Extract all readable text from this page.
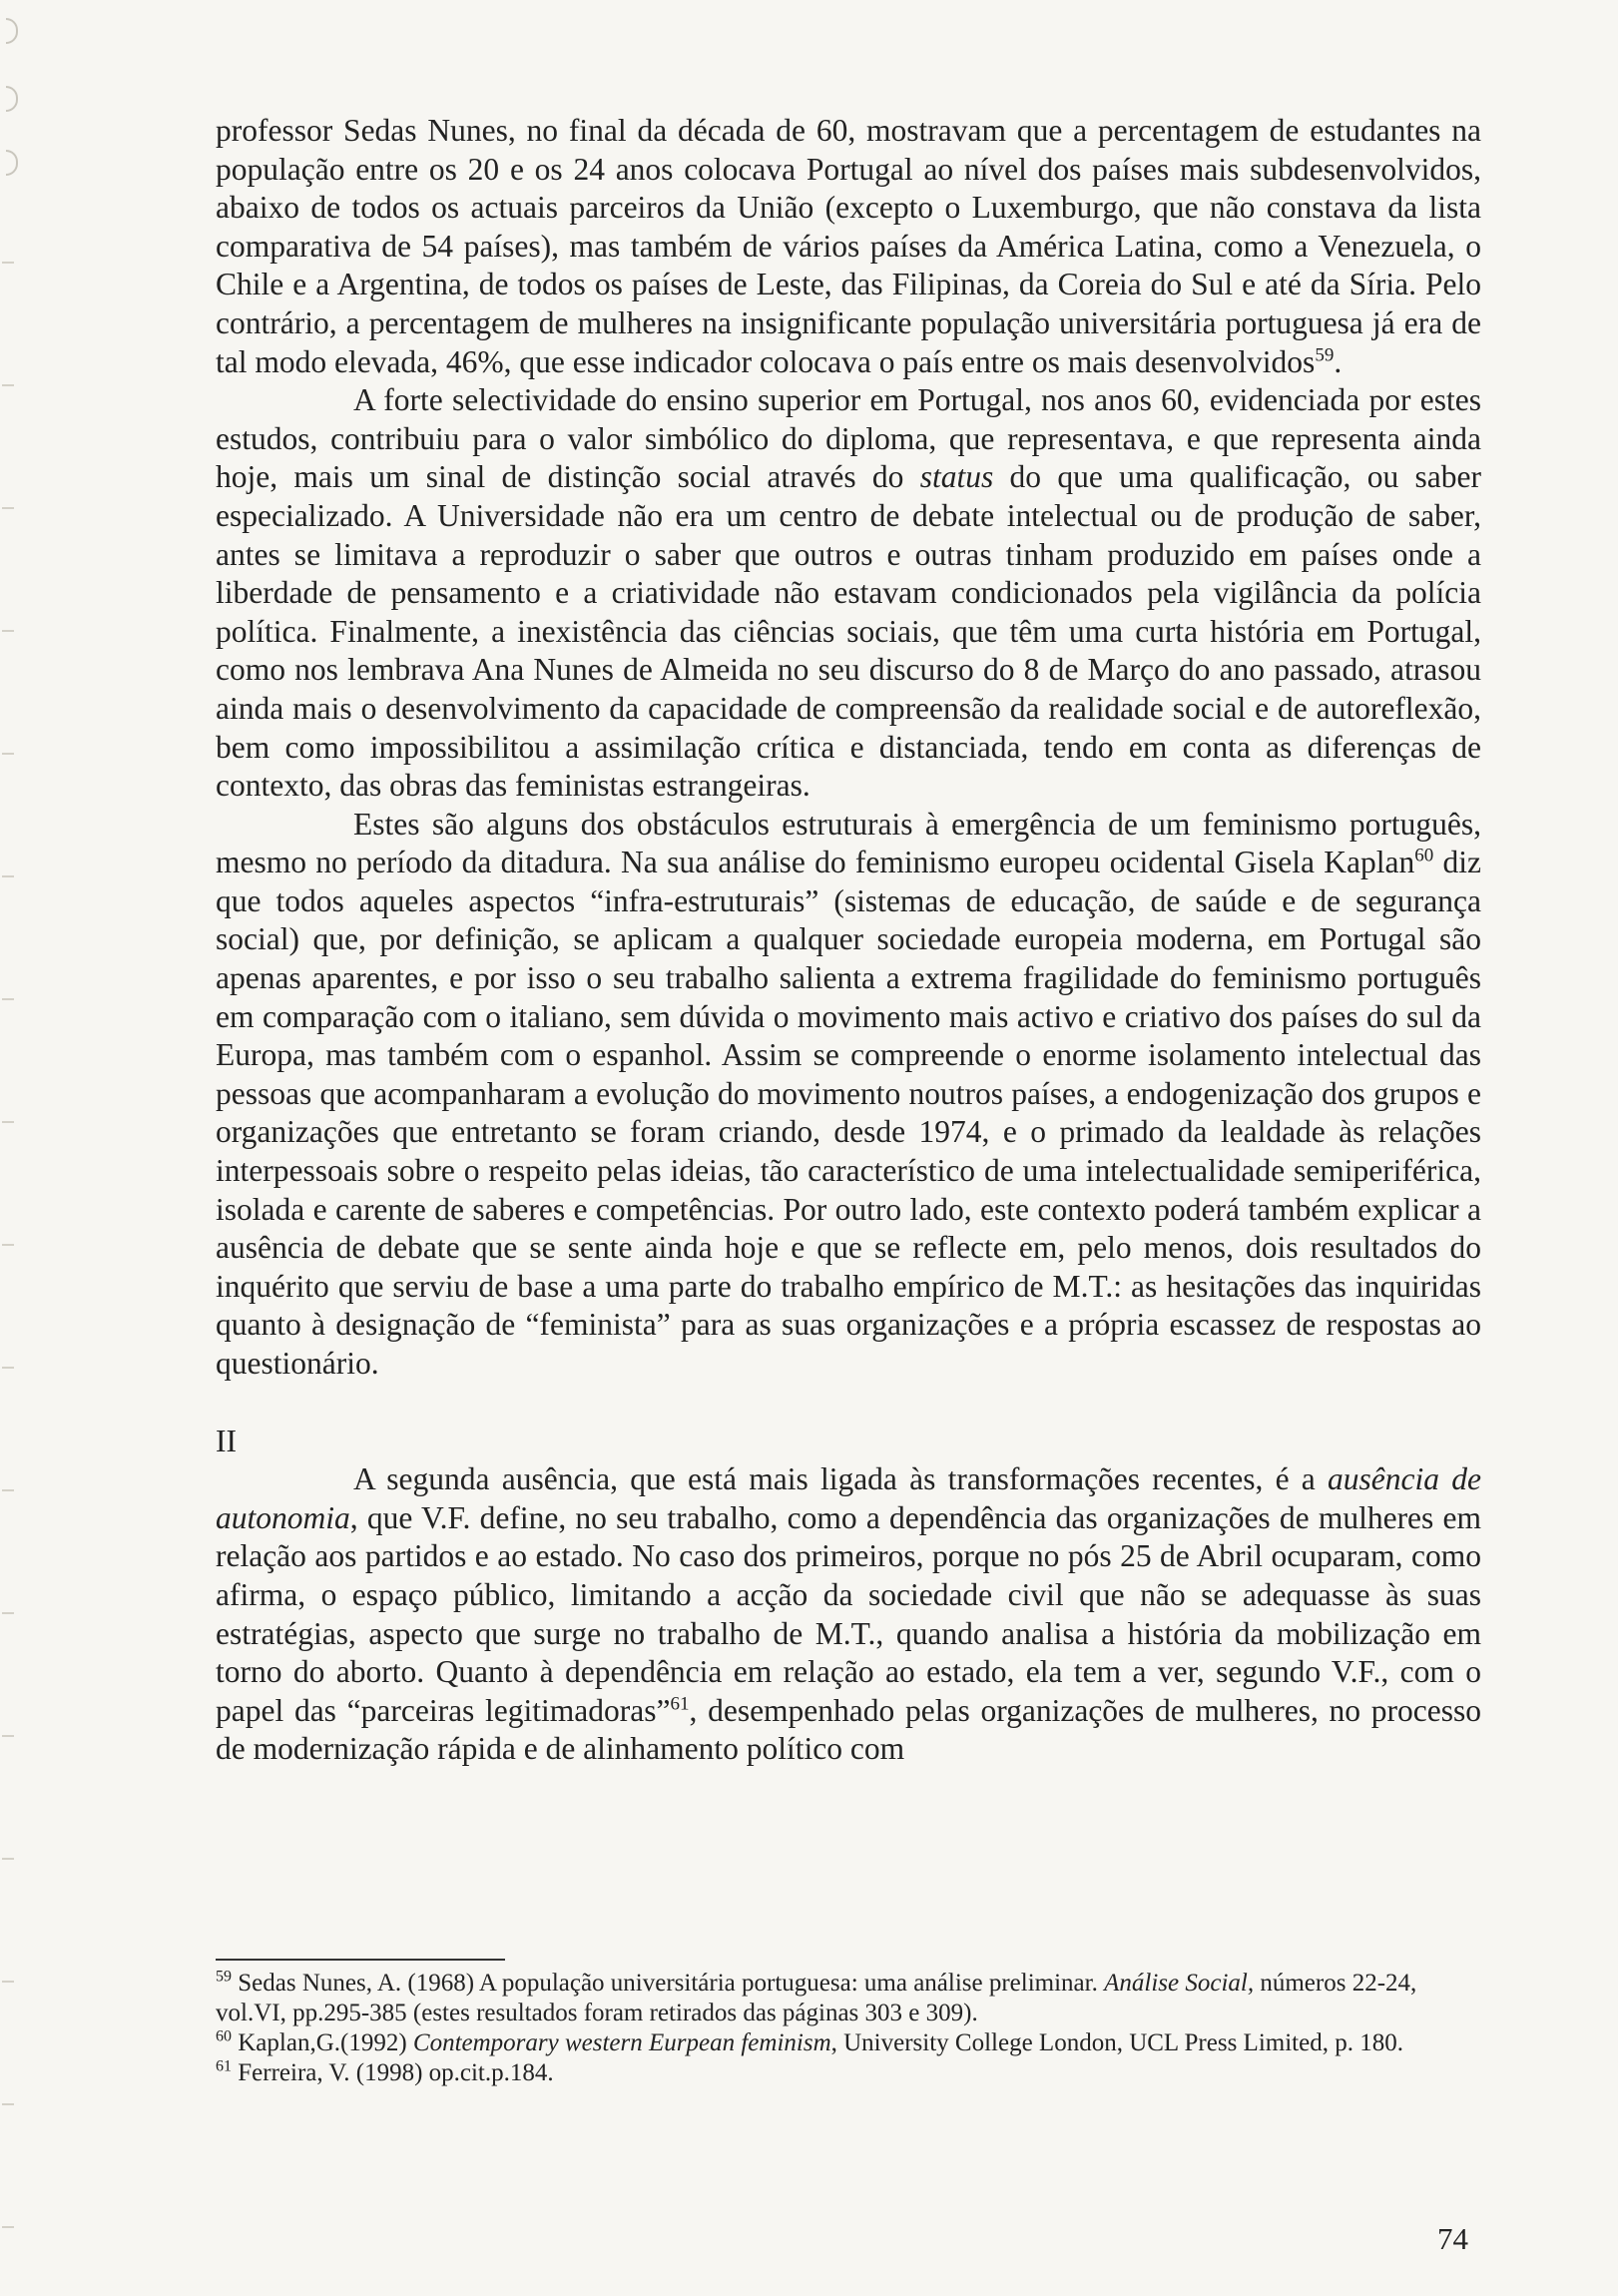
professor Sedas Nunes, no final da década de 60, mostravam que a percentagem de estudantes na população entre os 20 e os 24 anos colocava Portugal ao nível dos países mais subdesenvolvidos, abaixo de todos os actuais parceiros da União (excepto o Luxemburgo, que não constava da lista comparativa de 54 países), mas também de vários países da América Latina, como a Venezuela, o Chile e a Argentina, de todos os países de Leste, das Filipinas, da Coreia do Sul e até da Síria. Pelo contrário, a percentagem de mulheres na insignificante população universitária portuguesa já era de tal modo elevada, 46%, que esse indicador colocava o país entre os mais desenvolvidos$^{59}$.

A forte selectividade do ensino superior em Portugal, nos anos 60, evidenciada por estes estudos, contribuiu para o valor simbólico do diploma, que representava, e que representa ainda hoje, mais um sinal de distinção social através do status do que uma qualificação, ou saber especializado. A Universidade não era um centro de debate intelectual ou de produção de saber, antes se limitava a reproduzir o saber que outros e outras tinham produzido em países onde a liberdade de pensamento e a criatividade não estavam condicionados pela vigilância da polícia política. Finalmente, a inexistência das ciências sociais, que têm uma curta história em Portugal, como nos lembrava Ana Nunes de Almeida no seu discurso do 8 de Março do ano passado, atrasou ainda mais o desenvolvimento da capacidade de compreensão da realidade social e de autoreflexão, bem como impossibilitou a assimilação crítica e distanciada, tendo em conta as diferenças de contexto, das obras das feministas estrangeiras.

Estes são alguns dos obstáculos estruturais à emergência de um feminismo português, mesmo no período da ditadura. Na sua análise do feminismo europeu ocidental Gisela Kaplan$^{60}$ diz que todos aqueles aspectos “infra-estruturais” (sistemas de educação, de saúde e de segurança social) que, por definição, se aplicam a qualquer sociedade europeia moderna, em Portugal são apenas aparentes, e por isso o seu trabalho salienta a extrema fragilidade do feminismo português em comparação com o italiano, sem dúvida o movimento mais activo e criativo dos países do sul da Europa, mas também com o espanhol. Assim se compreende o enorme isolamento intelectual das pessoas que acompanharam a evolução do movimento noutros países, a endogenização dos grupos e organizações que entretanto se foram criando, desde 1974, e o primado da lealdade às relações interpessoais sobre o respeito pelas ideias, tão característico de uma intelectualidade semiperiférica, isolada e carente de saberes e competências. Por outro lado, este contexto poderá também explicar a ausência de debate que se sente ainda hoje e que se reflecte em, pelo menos, dois resultados do inquérito que serviu de base a uma parte do trabalho empírico de M.T.: as hesitações das inquiridas quanto à designação de “feminista” para as suas organizações e a própria escassez de respostas ao questionário.

II

A segunda ausência, que está mais ligada às transformações recentes, é a ausência de autonomia, que V.F. define, no seu trabalho, como a dependência das organizações de mulheres em relação aos partidos e ao estado. No caso dos primeiros, porque no pós 25 de Abril ocuparam, como afirma, o espaço público, limitando a acção da sociedade civil que não se adequasse às suas estratégias, aspecto que surge no trabalho de M.T., quando analisa a história da mobilização em torno do aborto. Quanto à dependência em relação ao estado, ela tem a ver, segundo V.F., com o papel das “parceiras legitimadoras”$^{61}$, desempenhado pelas organizações de mulheres, no processo de modernização rápida e de alinhamento político com

$^{59}$ Sedas Nunes, A. (1968) A população universitária portuguesa: uma análise preliminar. Análise Social, números 22-24, vol.VI, pp.295-385 (estes resultados foram retirados das páginas 303 e 309).

$^{60}$ Kaplan,G.(1992) Contemporary western Eurpean feminism, University College London, UCL Press Limited, p. 180.

$^{61}$ Ferreira, V. (1998) op.cit.p.184.

74
